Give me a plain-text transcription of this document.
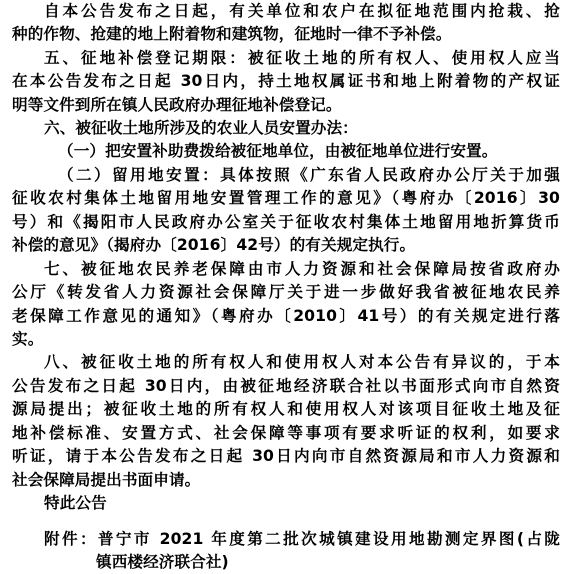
自本公告发布之日起，有关单位和农户在拟征地范围内抢栽、抢
种的作物、抢建的地上附着物和建筑物，征地时一律不予补偿。
五、征地补偿登记期限：被征收土地的所有权人、使用权人应当
在本公告发布之日起 30日内，持土地权属证书和地上附着物的产权证
明等文件到所在镇人民政府办理征地补偿登记。
六、被征收土地所涉及的农业人员安置办法：
（一）把安置补助费拨给被征地单位，由被征地单位进行安置。
（二）留用地安置：具体按照《广东省人民政府办公厅关于加强
征收农村集体土地留用地安置管理工作的意见》（粤府办〔2016〕30
号）和《揭阳市人民政府办公室关于征收农村集体土地留用地折算货币
补偿的意见》（揭府办〔2016〕42号）的有关规定执行。
七、被征地农民养老保障由市人力资源和社会保障局按省政府办
公厅《转发省人力资源社会保障厅关于进一步做好我省被征地农民养
老保障工作意见的通知》（粤府办〔2010〕41号）的有关规定进行落
实。
八、被征收土地的所有权人和使用权人对本公告有异议的，于本
公告发布之日起 30日内，由被征地经济联合社以书面形式向市自然资
源局提出；被征收土地的所有权人和使用权人对该项目征收土地及征
地补偿标准、安置方式、社会保障等事项有要求听证的权利，如要求
听证，请于本公告发布之日起 30日内向市自然资源局和市人力资源和
社会保障局提出书面申请。
特此公告
附件：普宁市 2021 年度第二批次城镇建设用地勘测定界图(占陇
镇西楼经济联合社)
